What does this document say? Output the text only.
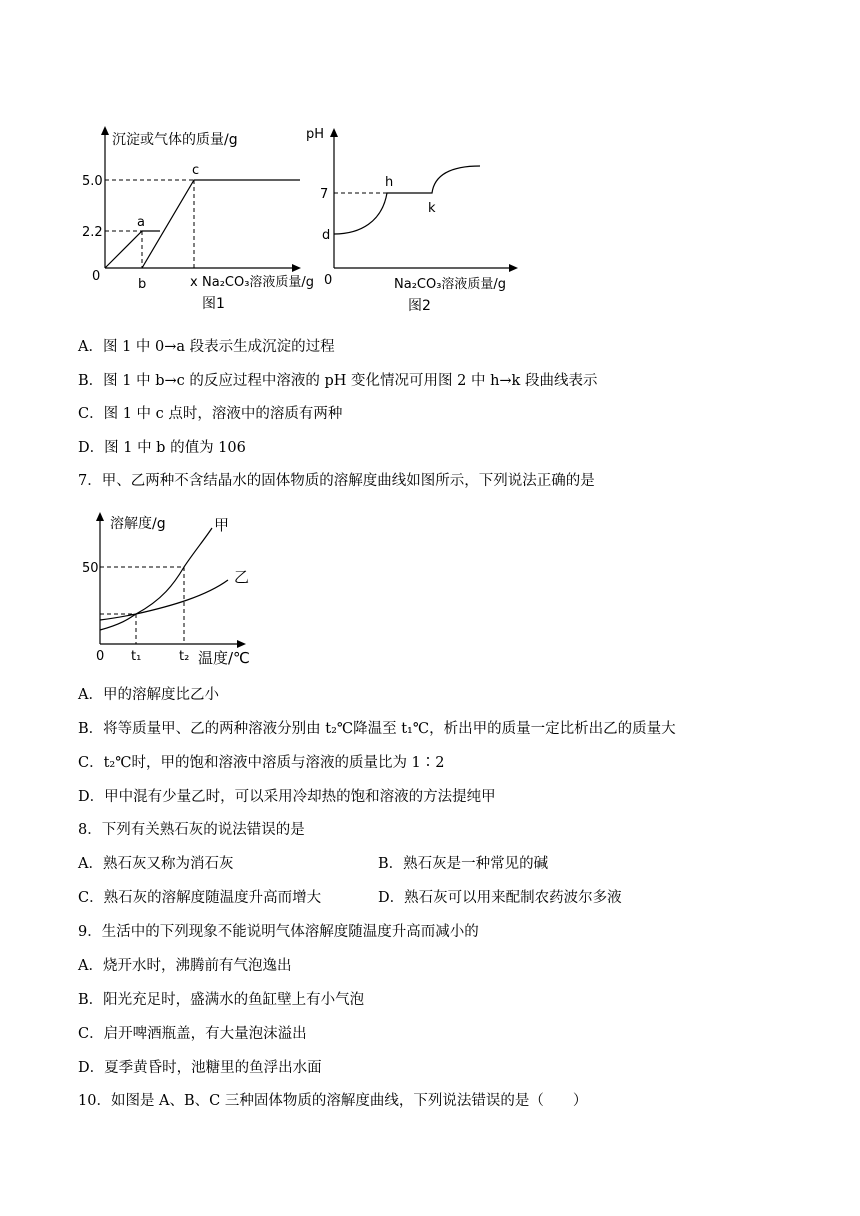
沉淀或气体的质量/g
5.0
2.2
0
a
c
b	x Na₂CO₃溶液质量/g
图1
pH
7
d
h
k
0	Na₂CO₃溶液质量/g
图2
A．图 1 中 0→a 段表示生成沉淀的过程
B．图 1 中 b→c 的反应过程中溶液的 pH 变化情况可用图 2 中 h→k 段曲线表示
C．图 1 中 c 点时，溶液中的溶质有两种
D．图 1 中 b 的值为 106
7．甲、乙两种不含结晶水的固体物质的溶解度曲线如图所示，下列说法正确的是
溶解度/g	甲
乙
50
0 t₁	t₂ 温度/℃
A．甲的溶解度比乙小
B．将等质量甲、乙的两种溶液分别由 t₂℃降温至 t₁℃，析出甲的质量一定比析出乙的质量大
C．t₂℃时，甲的饱和溶液中溶质与溶液的质量比为 1∶2
D．甲中混有少量乙时，可以采用冷却热的饱和溶液的方法提纯甲
8．下列有关熟石灰的说法错误的是
A．熟石灰又称为消石灰	B．熟石灰是一种常见的碱
C．熟石灰的溶解度随温度升高而增大	D．熟石灰可以用来配制农药波尔多液
9．生活中的下列现象不能说明气体溶解度随温度升高而减小的
A．烧开水时，沸腾前有气泡逸出
B．阳光充足时，盛满水的鱼缸壁上有小气泡
C．启开啤酒瓶盖，有大量泡沫溢出
D．夏季黄昏时，池糖里的鱼浮出水面
10．如图是 A、B、C 三种固体物质的溶解度曲线，下列说法错误的是（　　）
